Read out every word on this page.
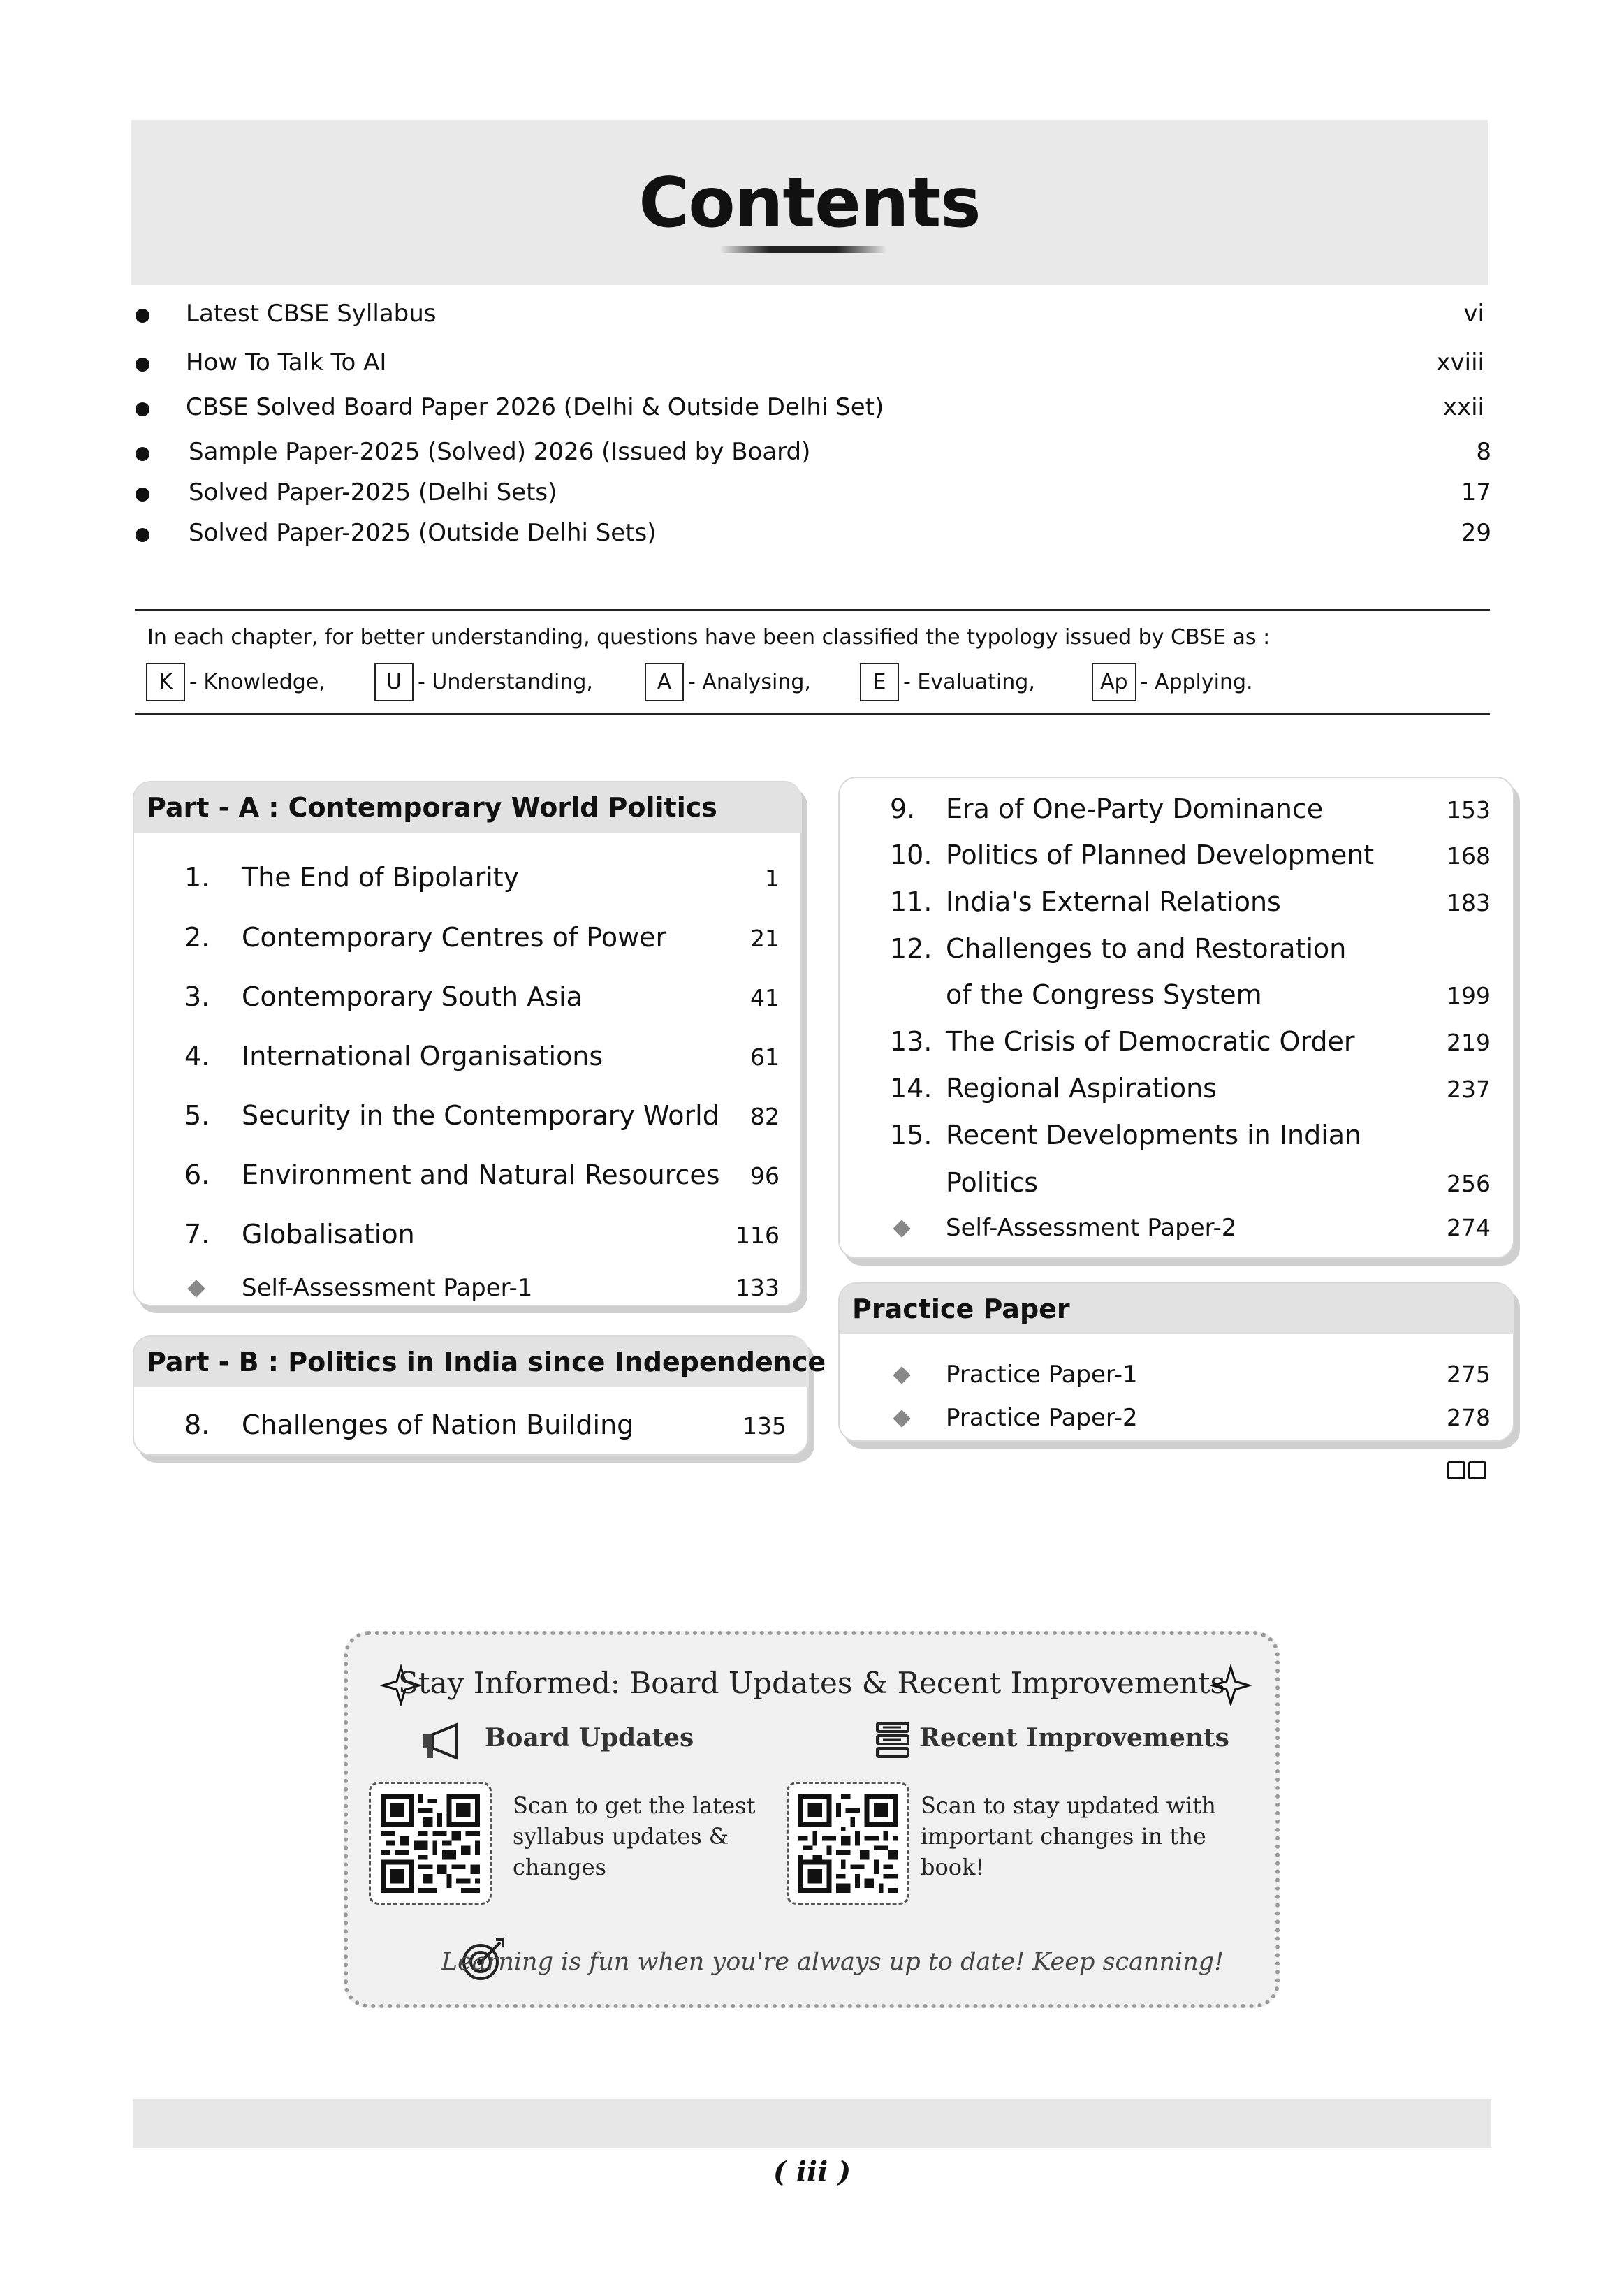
Contents
Latest CBSE Syllabus	vi
How To Talk To AI	xviii
CBSE Solved Board Paper 2026 (Delhi & Outside Delhi Set)	xxii
Sample Paper-2025 (Solved) 2026 (Issued by Board)	8
Solved Paper-2025 (Delhi Sets)	17
Solved Paper-2025 (Outside Delhi Sets)	29
In each chapter, for better understanding, questions have been classified the typology issued by CBSE as :
K - Knowledge,	U - Understanding,	A - Analysing,	E - Evaluating,	Ap - Applying.
Part - A : Contemporary World Politics
1. The End of Bipolarity	1
2. Contemporary Centres of Power	21
3. Contemporary South Asia	41
4. International Organisations	61
5. Security in the Contemporary World 82
6. Environment and Natural Resources 96
7. Globalisation	116
Self-Assessment Paper-1	133
Part - B : Politics in India since Independence
8. Challenges of Nation Building	135
9. Era of One-Party Dominance	153
10. Politics of Planned Development	168
11. India's External Relations	183
12. Challenges to and Restoration
of the Congress System	199
13. The Crisis of Democratic Order	219
14. Regional Aspirations	237
15. Recent Developments in Indian
Politics	256
Self-Assessment Paper-2	274
Practice Paper
Practice Paper-1	275
Practice Paper-2	278
Stay Informed: Board Updates & Recent Improvements
Board Updates
Scan to get the latest
syllabus updates &
changes
Recent Improvements
Scan to stay updated with
important changes in the
book!
Learning is fun when you're always up to date! Keep scanning!
( iii )
